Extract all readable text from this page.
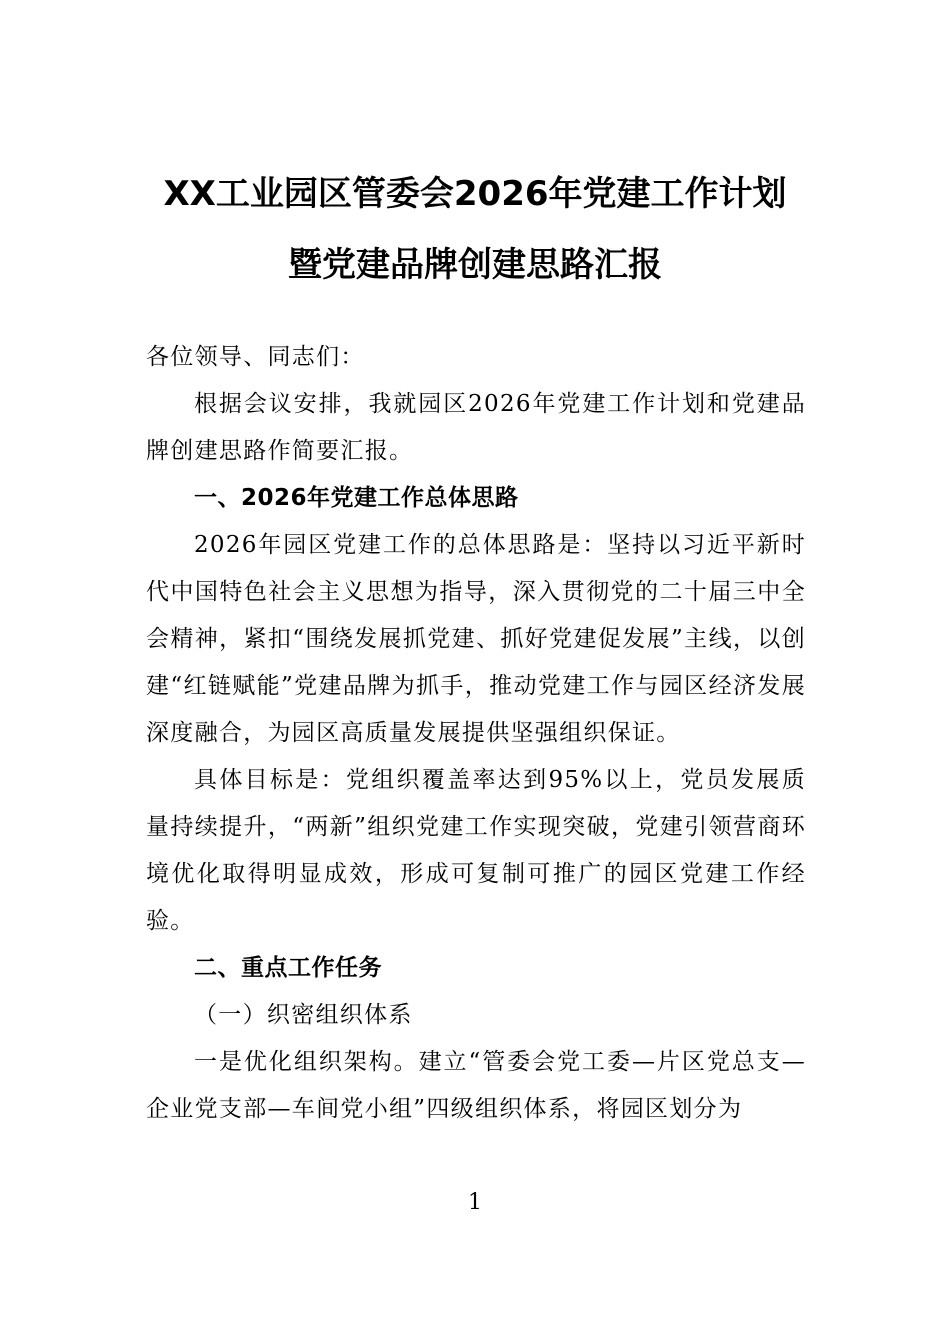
XX工业园区管委会2026年党建工作计划
暨党建品牌创建思路汇报

各位领导、同志们：

根据会议安排，我就园区2026年党建工作计划和党建品牌创建思路作简要汇报。

一、2026年党建工作总体思路

2026年园区党建工作的总体思路是：坚持以习近平新时代中国特色社会主义思想为指导，深入贯彻党的二十届三中全会精神，紧扣“围绕发展抓党建、抓好党建促发展”主线，以创建“红链赋能”党建品牌为抓手，推动党建工作与园区经济发展深度融合，为园区高质量发展提供坚强组织保证。

具体目标是：党组织覆盖率达到95%以上，党员发展质量持续提升，“两新”组织党建工作实现突破，党建引领营商环境优化取得明显成效，形成可复制可推广的园区党建工作经验。

二、重点工作任务

（一）织密组织体系

一是优化组织架构。建立“管委会党工委—片区党总支—企业党支部—车间党小组”四级组织体系，将园区划分为

1
